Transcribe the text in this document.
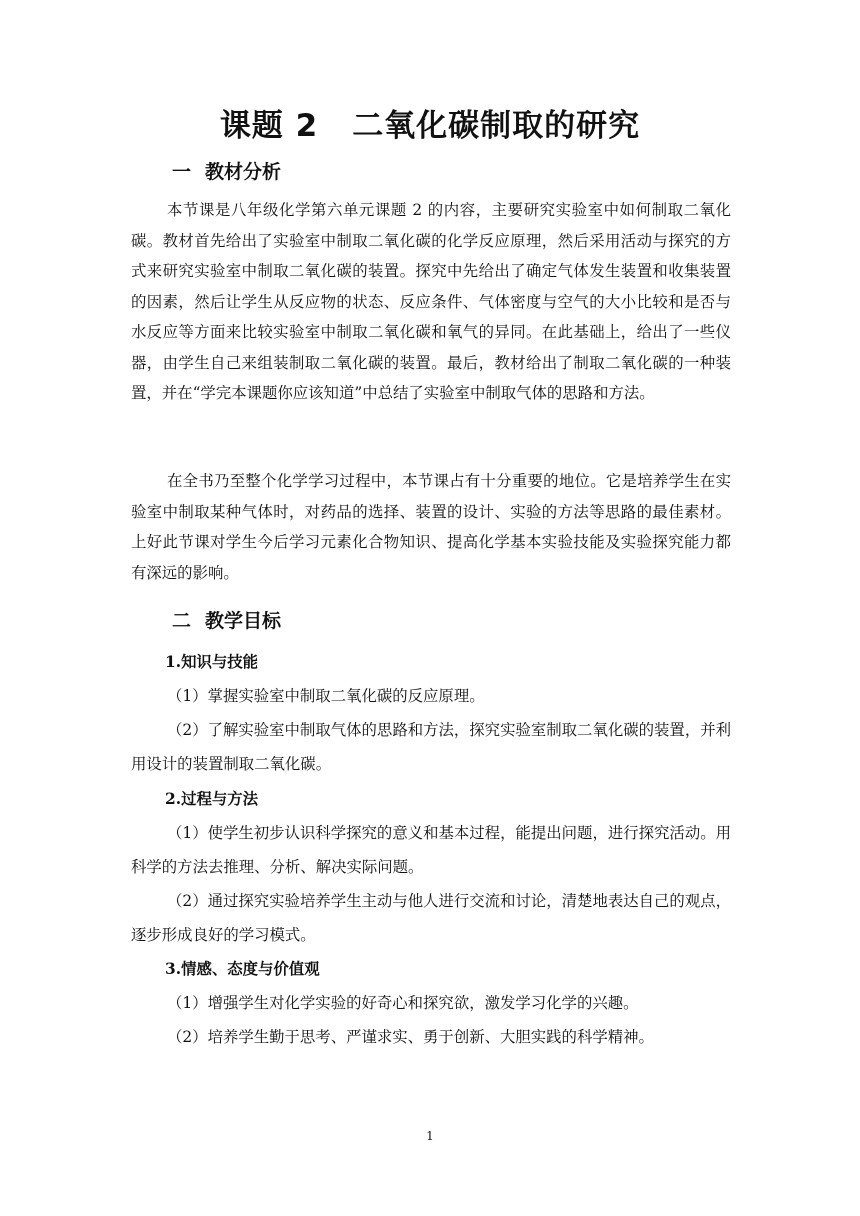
课题 2 二氧化碳制取的研究
一 教材分析

本节课是八年级化学第六单元课题 2 的内容，主要研究实验室中如何制取二氧化碳。教材首先给出了实验室中制取二氧化碳的化学反应原理，然后采用活动与探究的方式来研究实验室中制取二氧化碳的装置。探究中先给出了确定气体发生装置和收集装置的因素，然后让学生从反应物的状态、反应条件、气体密度与空气的大小比较和是否与水反应等方面来比较实验室中制取二氧化碳和氧气的异同。在此基础上，给出了一些仪器，由学生自己来组装制取二氧化碳的装置。最后，教材给出了制取二氧化碳的一种装置，并在“学完本课题你应该知道”中总结了实验室中制取气体的思路和方法。

在全书乃至整个化学学习过程中，本节课占有十分重要的地位。它是培养学生在实验室中制取某种气体时，对药品的选择、装置的设计、实验的方法等思路的最佳素材。上好此节课对学生今后学习元素化合物知识、提高化学基本实验技能及实验探究能力都有深远的影响。

二 教学目标
1.知识与技能

（1）掌握实验室中制取二氧化碳的反应原理。

（2）了解实验室中制取气体的思路和方法，探究实验室制取二氧化碳的装置，并利用设计的装置制取二氧化碳。

2.过程与方法

（1）使学生初步认识科学探究的意义和基本过程，能提出问题，进行探究活动。用科学的方法去推理、分析、解决实际问题。

（2）通过探究实验培养学生主动与他人进行交流和讨论，清楚地表达自己的观点，逐步形成良好的学习模式。

3.情感、态度与价值观

（1）增强学生对化学实验的好奇心和探究欲，激发学习化学的兴趣。

（2）培养学生勤于思考、严谨求实、勇于创新、大胆实践的科学精神。

1
